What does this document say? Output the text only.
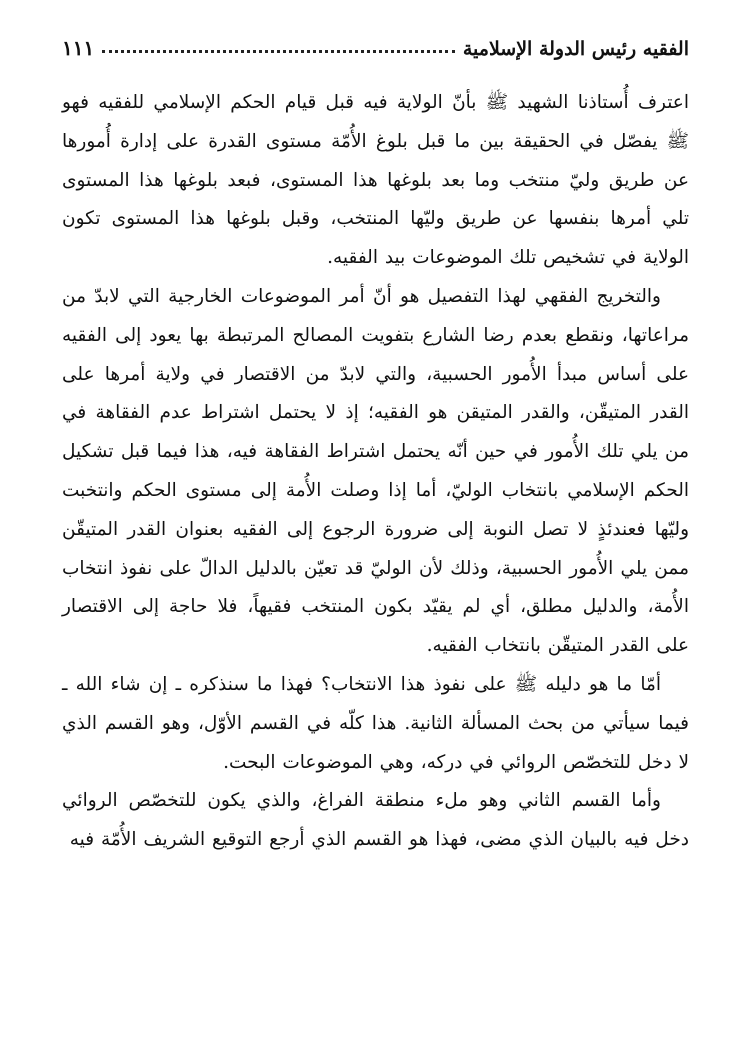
الفقيه رئيس الدولة الإسلامية
١١١

اعترف أُستاذنا الشهيد ﷺ بأنّ الولاية فيه قبل قيام الحكم الإسلامي للفقيه فهو ﷺ يفصّل في الحقيقة بين ما قبل بلوغ الأُمّة مستوى القدرة على إدارة أُمورها عن طريق وليّ منتخب وما بعد بلوغها هذا المستوى، فبعد بلوغها هذا المستوى تلي أمرها بنفسها عن طريق وليّها المنتخب، وقبل بلوغها هذا المستوى تكون الولاية في تشخيص تلك الموضوعات بيد الفقيه.

والتخريج الفقهي لهذا التفصيل هو أنّ أمر الموضوعات الخارجية التي لابدّ من مراعاتها، ونقطع بعدم رضا الشارع بتفويت المصالح المرتبطة بها يعود إلى الفقيه على أساس مبدأ الأُمور الحسبية، والتي لابدّ من الاقتصار في ولاية أمرها على القدر المتيقّن، والقدر المتيقن هو الفقيه؛ إذ لا يحتمل اشتراط عدم الفقاهة في من يلي تلك الأُمور في حين أنّه يحتمل اشتراط الفقاهة فيه، هذا فيما قبل تشكيل الحكم الإسلامي بانتخاب الوليّ، أما إذا وصلت الأُمة إلى مستوى الحكم وانتخبت وليّها فعندئذٍ لا تصل النوبة إلى ضرورة الرجوع إلى الفقيه بعنوان القدر المتيقّن ممن يلي الأُمور الحسبية، وذلك لأن الوليّ قد تعيّن بالدليل الدالّ على نفوذ انتخاب الأُمة، والدليل مطلق، أي لم يقيّد بكون المنتخب فقيهاً، فلا حاجة إلى الاقتصار على القدر المتيقّن بانتخاب الفقيه.

أمّا ما هو دليله ﷺ على نفوذ هذا الانتخاب؟ فهذا ما سنذكره ـ إن شاء الله ـ فيما سيأتي من بحث المسألة الثانية. هذا كلّه في القسم الأوّل، وهو القسم الذي لا دخل للتخصّص الروائي في دركه، وهي الموضوعات البحت.

وأما القسم الثاني وهو ملء منطقة الفراغ، والذي يكون للتخصّص الروائي دخل فيه بالبيان الذي مضى، فهذا هو القسم الذي أرجع التوقيع الشريف الأُمّة فيه
